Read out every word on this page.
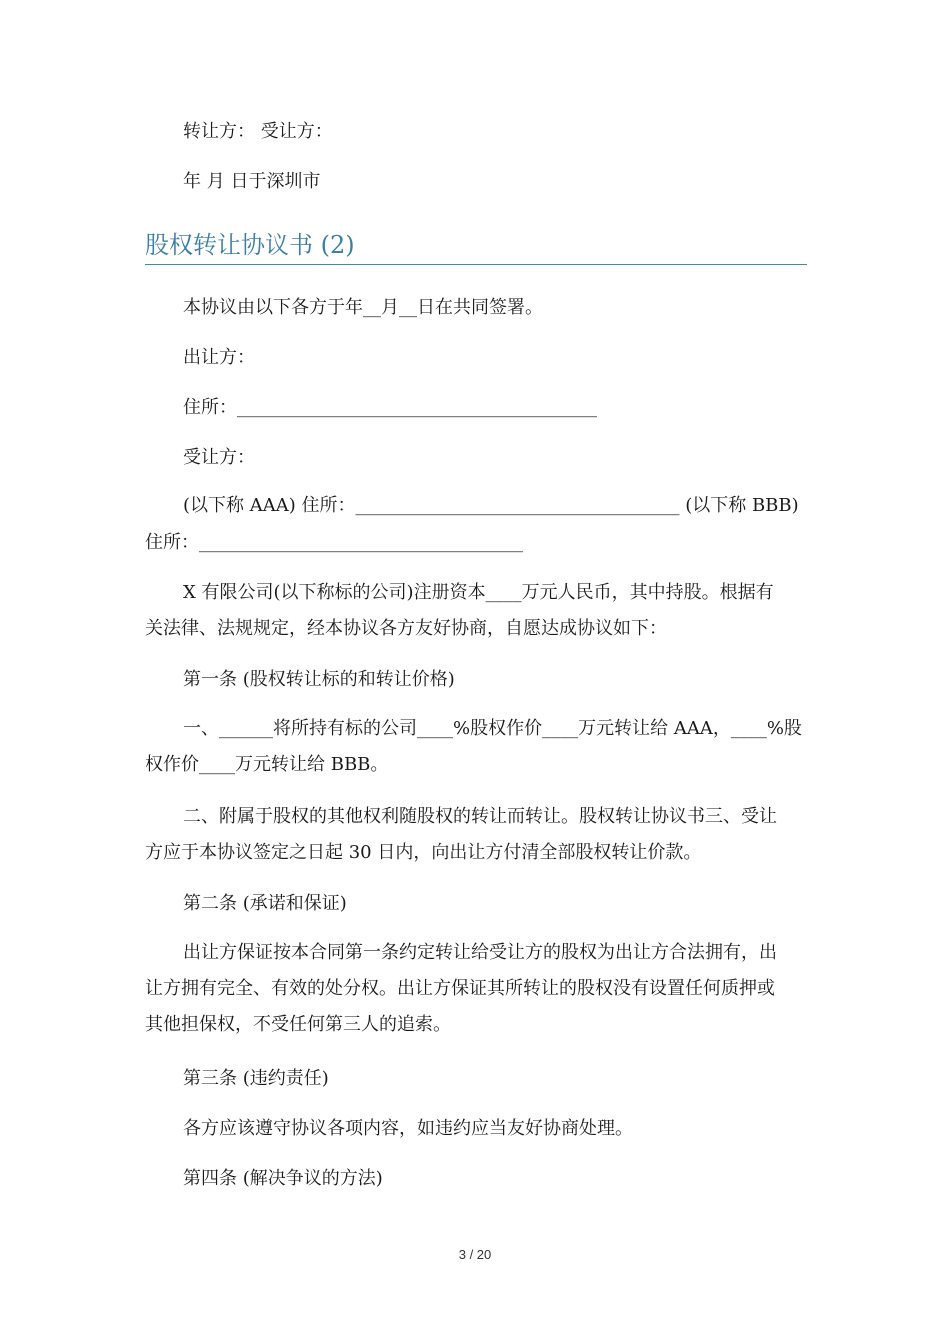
转让方： 受让方：
年 月 日于深圳市
股权转让协议书 (2)
本协议由以下各方于年__月__日在共同签署。
出让方：
住所：________________________________________
受让方：
(以下称 AAA) 住所：____________________________________ (以下称 BBB)
住所：____________________________________
X 有限公司(以下称标的公司)注册资本____万元人民币，其中持股。根据有
关法律、法规规定，经本协议各方友好协商，自愿达成协议如下：
第一条 (股权转让标的和转让价格)
一、______将所持有标的公司____%股权作价____万元转让给 AAA，____%股
权作价____万元转让给 BBB。
二、附属于股权的其他权利随股权的转让而转让。股权转让协议书三、受让
方应于本协议签定之日起 30 日内，向出让方付清全部股权转让价款。
第二条 (承诺和保证)
出让方保证按本合同第一条约定转让给受让方的股权为出让方合法拥有，出
让方拥有完全、有效的处分权。出让方保证其所转让的股权没有设置任何质押或
其他担保权，不受任何第三人的追索。
第三条 (违约责任)
各方应该遵守协议各项内容，如违约应当友好协商处理。
第四条 (解决争议的方法)
3 / 20
